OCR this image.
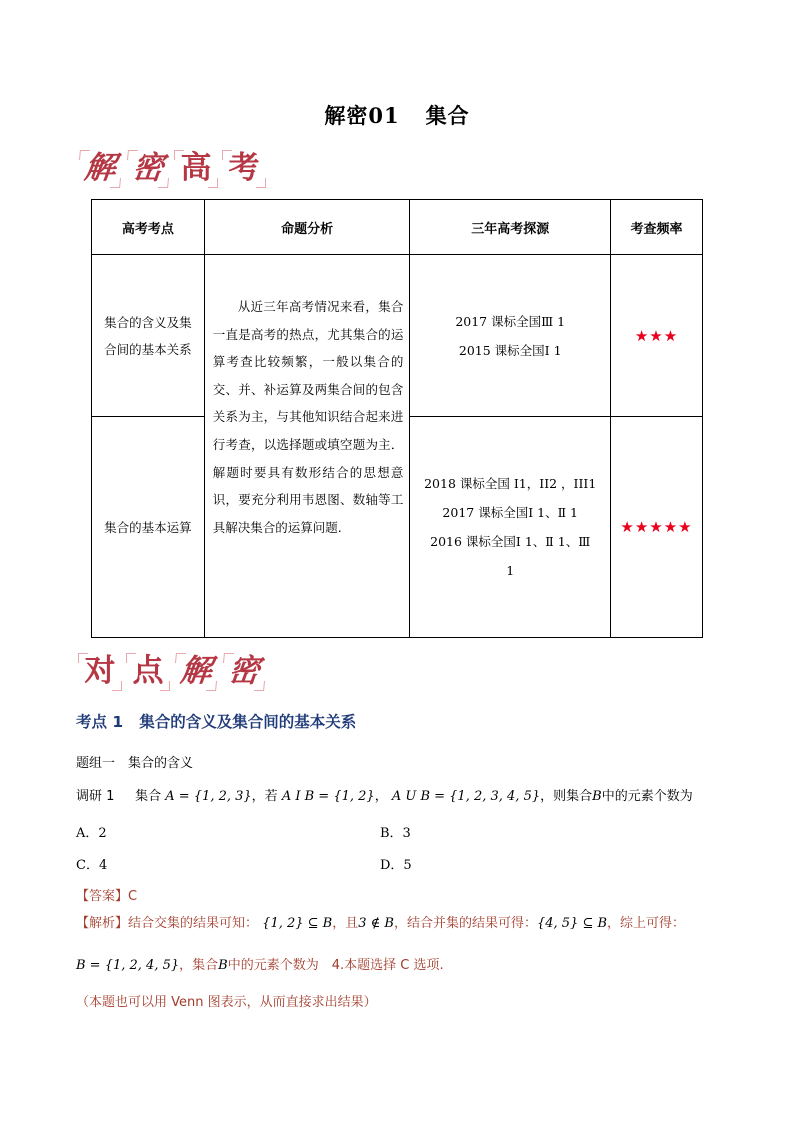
解密01 集合
解 密 高 考
高考考点	命题分析	三年高考探源	考查频率
集合的含义及集合间的基本关系	从近三年高考情况来看，集合一直是高考的热点，尤其集合的运算考查比较频繁，一般以集合的交、并、补运算及两集合间的包含关系为主，与其他知识结合起来进行考查，以选择题或填空题为主．解题时要具有数形结合的思想意识，要充分利用韦恩图、数轴等工具解决集合的运算问题.	2017 课标全国Ⅲ 1
2015 课标全国Ⅰ 1	★★★
集合的基本运算		2018 课标全国 I1，II2 ，III1
2017 课标全国Ⅰ 1、Ⅱ 1
2016 课标全国Ⅰ 1、Ⅱ 1、Ⅲ
1	★★★★★
对 点 解 密
考点 1 集合的含义及集合间的基本关系
题组一　集合的含义
调研 1 集合 A = {1, 2, 3}，若 A I B = {1, 2}， A U B = {1, 2, 3, 4, 5}，则集合B中的元素个数为
A．2	B．3
C．4	D．5
【答案】C
【解析】结合交集的结果可知： {1, 2} ⊆ B，且3 ∉ B，结合并集的结果可得：{4, 5} ⊆ B，综上可得：
B = {1, 2, 4, 5}，集合B中的元素个数为　4.本题选择 C 选项.
（本题也可以用 Venn 图表示，从而直接求出结果）
